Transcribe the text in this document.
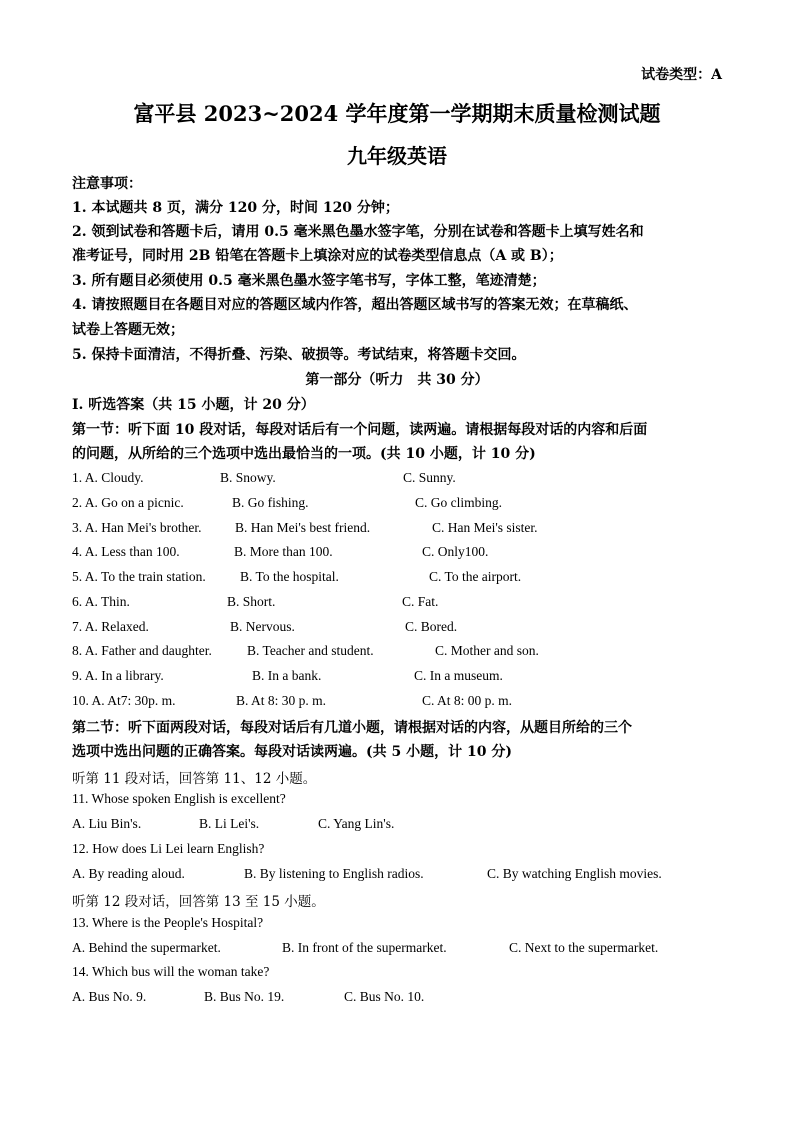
试卷类型：A
富平县 2023~2024 学年度第一学期期末质量检测试题
九年级英语
注意事项：
1. 本试题共 8 页，满分 120 分，时间 120 分钟；
2. 领到试卷和答题卡后，请用 0.5 毫米黑色墨水签字笔，分别在试卷和答题卡上填写姓名和
准考证号，同时用 2B 铅笔在答题卡上填涂对应的试卷类型信息点（A 或 B）；
3. 所有题目必须使用 0.5 毫米黑色墨水签字笔书写，字体工整，笔迹清楚；
4. 请按照题目在各题目对应的答题区域内作答，超出答题区域书写的答案无效；在草稿纸、
试卷上答题无效；
5. 保持卡面清洁，不得折叠、污染、破损等。考试结束，将答题卡交回。
第一部分（听力　共 30 分）
I. 听选答案（共 15 小题，计 20 分）
第一节：听下面 10 段对话，每段对话后有一个问题，读两遍。请根据每段对话的内容和后面
的问题，从所给的三个选项中选出最恰当的一项。(共 10 小题，计 10 分)
1. A. Cloudy.	B. Snowy.	C. Sunny.
2. A. Go on a picnic.	B. Go fishing.	C. Go climbing.
3. A. Han Mei's brother. B. Han Mei's best friend.	C. Han Mei's sister.
4. A. Less than 100.	B. More than 100.	C. Only100.
5. A. To the train station.	B. To the hospital.	C. To the airport.
6. A. Thin.	B. Short.	C. Fat.
7. A. Relaxed.	B. Nervous.	C. Bored.
8. A. Father and daughter.	B. Teacher and student.	C. Mother and son.
9. A. In a library.	B. In a bank.	C. In a museum.
10. A. At7: 30p. m.	B. At 8: 30 p. m.	C. At 8: 00 p. m.
第二节：听下面两段对话，每段对话后有几道小题，请根据对话的内容，从题目所给的三个
选项中选出问题的正确答案。每段对话读两遍。(共 5 小题，计 10 分)
听第 11 段对话，回答第 11、12 小题。
11. Whose spoken English is excellent?
A. Liu Bin's.	B. Li Lei's.	C. Yang Lin's.
12. How does Li Lei learn English?
A. By reading aloud.	B. By listening to English radios.	C. By watching English movies.
听第 12 段对话，回答第 13 至 15 小题。
13. Where is the People's Hospital?
A. Behind the supermarket.	B. In front of the supermarket.	C. Next to the supermarket.
14. Which bus will the woman take?
A. Bus No. 9.	B. Bus No. 19.	C. Bus No. 10.
